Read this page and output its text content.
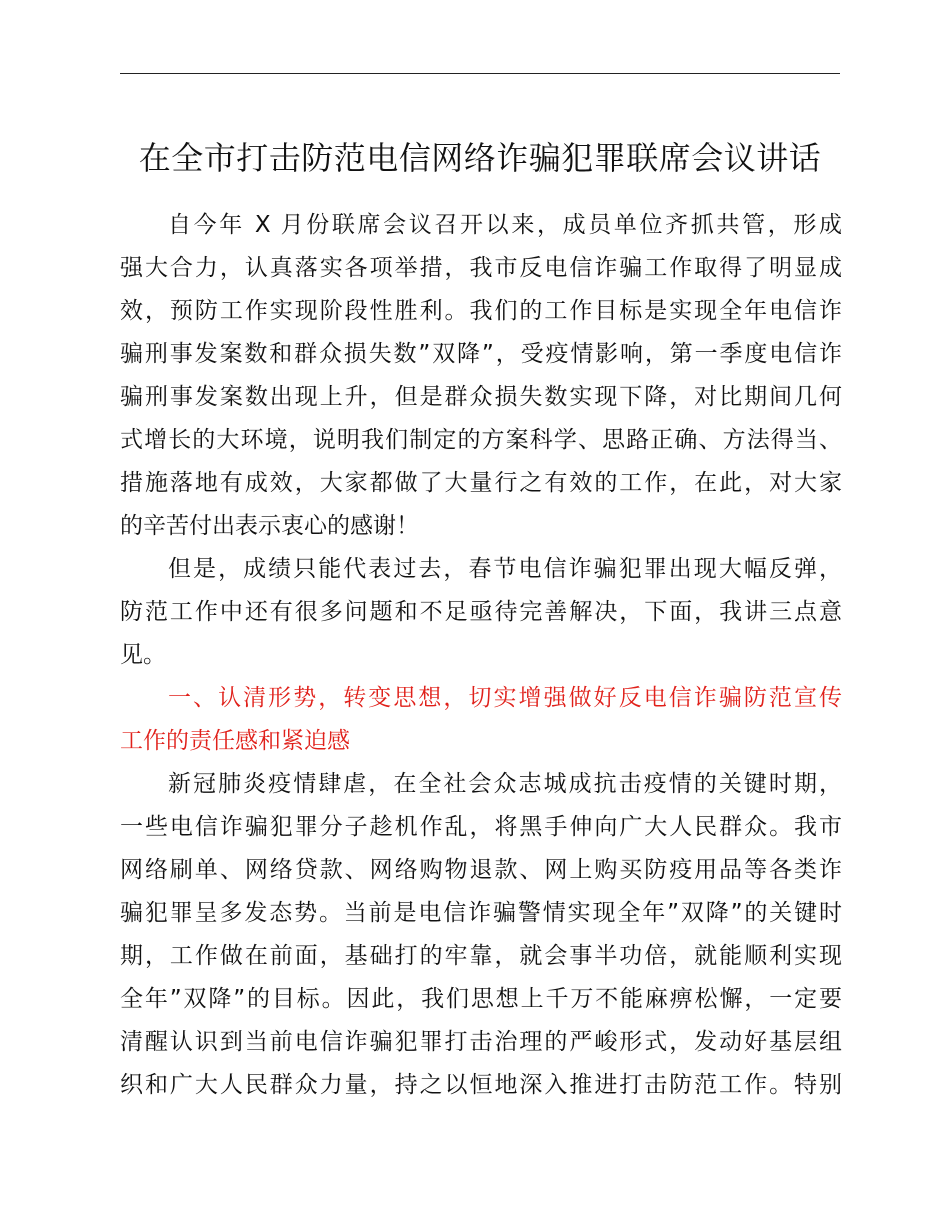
在全市打击防范电信网络诈骗犯罪联席会议讲话
自今年 X 月份联席会议召开以来，成员单位齐抓共管，形成
强大合力，认真落实各项举措，我市反电信诈骗工作取得了明显成
效，预防工作实现阶段性胜利。我们的工作目标是实现全年电信诈
骗刑事发案数和群众损失数”双降”，受疫情影响，第一季度电信诈
骗刑事发案数出现上升，但是群众损失数实现下降，对比期间几何
式增长的大环境，说明我们制定的方案科学、思路正确、方法得当、
措施落地有成效，大家都做了大量行之有效的工作，在此，对大家
的辛苦付出表示衷心的感谢！
但是，成绩只能代表过去，春节电信诈骗犯罪出现大幅反弹，
防范工作中还有很多问题和不足亟待完善解决，下面，我讲三点意
见。
一、认清形势，转变思想，切实增强做好反电信诈骗防范宣传
工作的责任感和紧迫感
新冠肺炎疫情肆虐，在全社会众志城成抗击疫情的关键时期，
一些电信诈骗犯罪分子趁机作乱，将黑手伸向广大人民群众。我市
网络刷单、网络贷款、网络购物退款、网上购买防疫用品等各类诈
骗犯罪呈多发态势。当前是电信诈骗警情实现全年”双降”的关键时
期，工作做在前面，基础打的牢靠，就会事半功倍，就能顺利实现
全年”双降”的目标。因此，我们思想上千万不能麻痹松懈，一定要
清醒认识到当前电信诈骗犯罪打击治理的严峻形式，发动好基层组
织和广大人民群众力量，持之以恒地深入推进打击防范工作。特别
